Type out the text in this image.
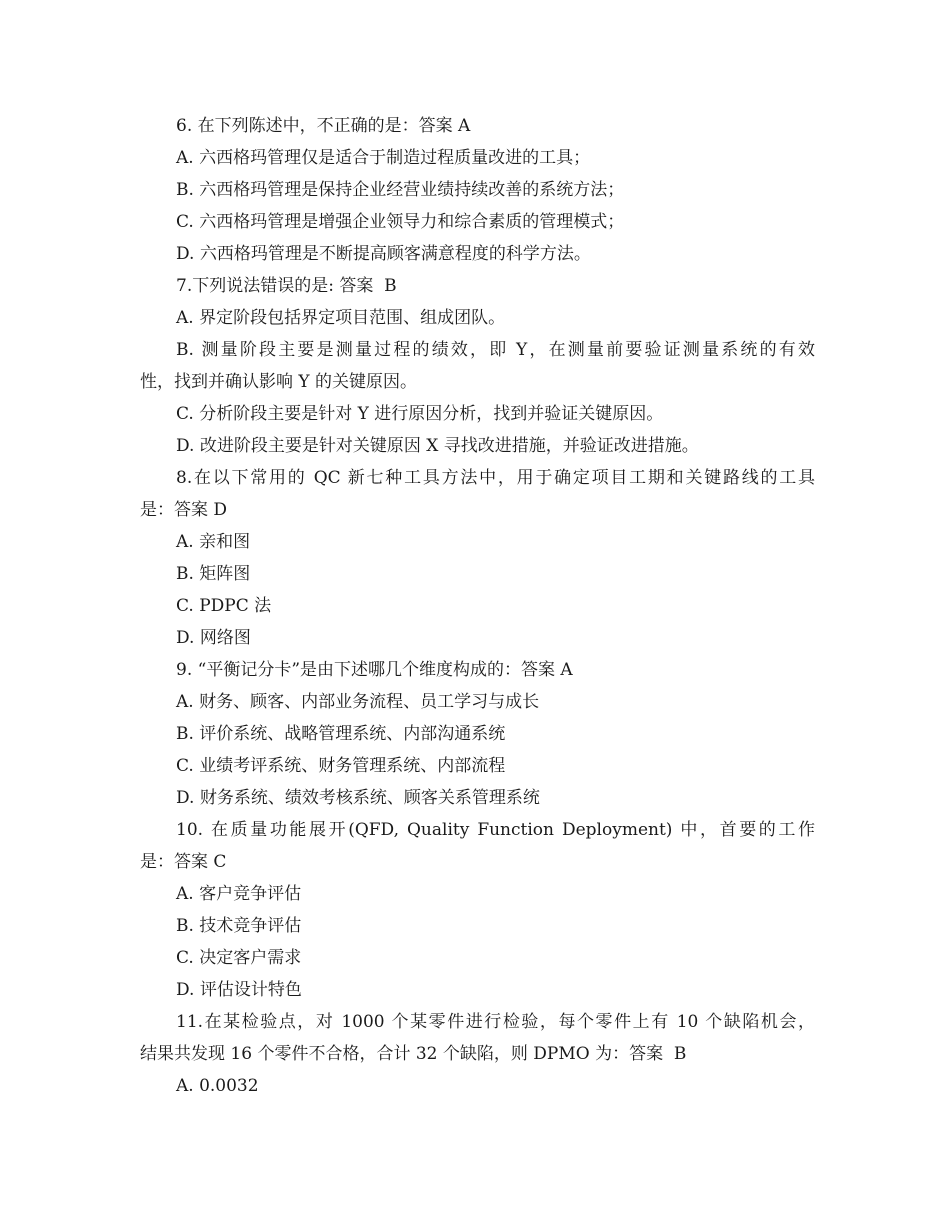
6. 在下列陈述中，不正确的是：答案 A
A. 六西格玛管理仅是适合于制造过程质量改进的工具；
B. 六西格玛管理是保持企业经营业绩持续改善的系统方法；
C. 六西格玛管理是增强企业领导力和综合素质的管理模式；
D. 六西格玛管理是不断提高顾客满意程度的科学方法。
7.下列说法错误的是: 答案  B
A. 界定阶段包括界定项目范围、组成团队。
B. 测量阶段主要是测量过程的绩效，即 Y，在测量前要验证测量系统的有效
性，找到并确认影响 Y 的关键原因。
C. 分析阶段主要是针对 Y 进行原因分析，找到并验证关键原因。
D. 改进阶段主要是针对关键原因 X 寻找改进措施，并验证改进措施。
8.在以下常用的 QC 新七种工具方法中，用于确定项目工期和关键路线的工具
是：答案 D
A. 亲和图
B. 矩阵图
C. PDPC 法
D. 网络图
9. “平衡记分卡”是由下述哪几个维度构成的：答案 A
A. 财务、顾客、内部业务流程、员工学习与成长
B. 评价系统、战略管理系统、内部沟通系统
C. 业绩考评系统、财务管理系统、内部流程
D. 财务系统、绩效考核系统、顾客关系管理系统
10. 在质量功能展开(QFD, Quality Function Deployment) 中，首要的工作
是：答案 C
A. 客户竞争评估
B. 技术竞争评估
C. 决定客户需求
D. 评估设计特色
11.在某检验点，对 1000 个某零件进行检验，每个零件上有 10 个缺陷机会，
结果共发现 16 个零件不合格，合计 32 个缺陷，则 DPMO 为：答案  B
A. 0.0032
